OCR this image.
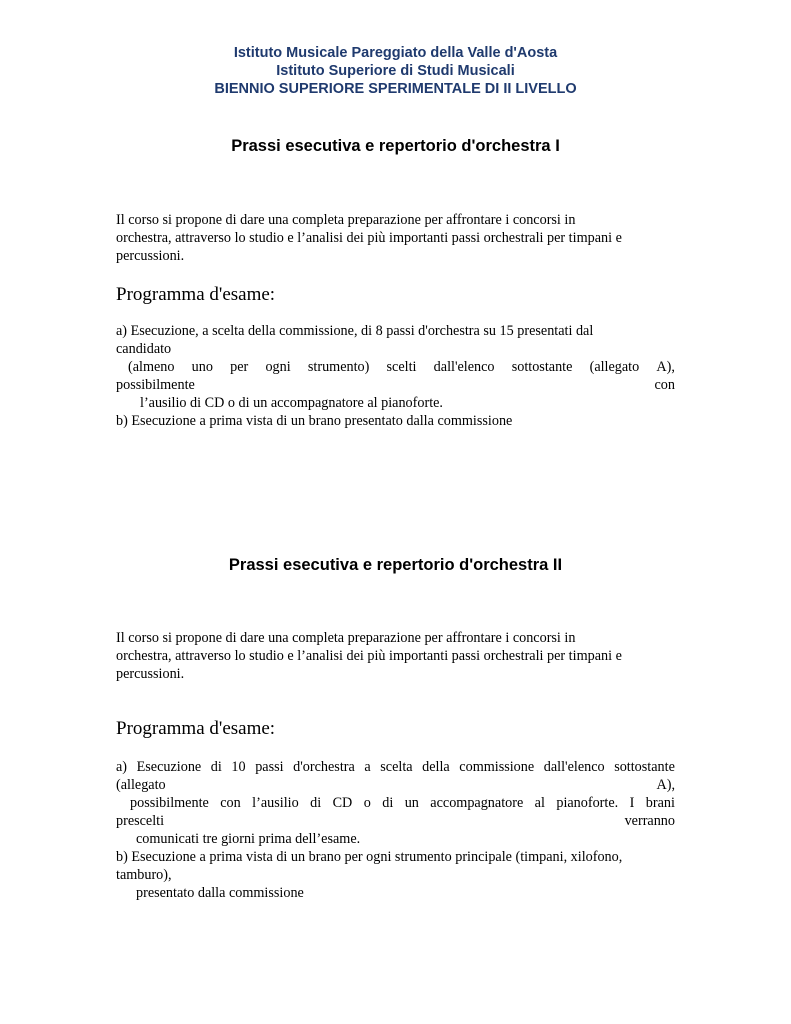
Istituto Musicale Pareggiato della Valle d'Aosta
Istituto Superiore di Studi Musicali
BIENNIO SUPERIORE SPERIMENTALE DI II LIVELLO
Prassi esecutiva e repertorio d'orchestra I
Il corso si propone di dare una completa preparazione per affrontare i concorsi in
orchestra, attraverso lo studio e l’analisi dei più importanti passi orchestrali per timpani e
percussioni.
Programma d'esame:
a) Esecuzione, a scelta della commissione, di 8 passi d'orchestra su 15 presentati dal
candidato
(almeno uno per ogni strumento) scelti dall'elenco sottostante (allegato A),
possibilmente	con
l’ausilio di CD o di un accompagnatore al pianoforte.
b) Esecuzione a prima vista di un brano presentato dalla commissione
Prassi esecutiva e repertorio d'orchestra II
Il corso si propone di dare una completa preparazione per affrontare i concorsi in
orchestra, attraverso lo studio e l’analisi dei più importanti passi orchestrali per timpani e
percussioni.
Programma d'esame:
a) Esecuzione di 10 passi d'orchestra a scelta della commissione dall'elenco sottostante
(allegato	A),
possibilmente con l’ausilio di CD o di un accompagnatore al pianoforte. I brani
prescelti	verranno
comunicati tre giorni prima dell’esame.
b) Esecuzione a prima vista di un brano per ogni strumento principale (timpani, xilofono,
tamburo),
presentato dalla commissione
